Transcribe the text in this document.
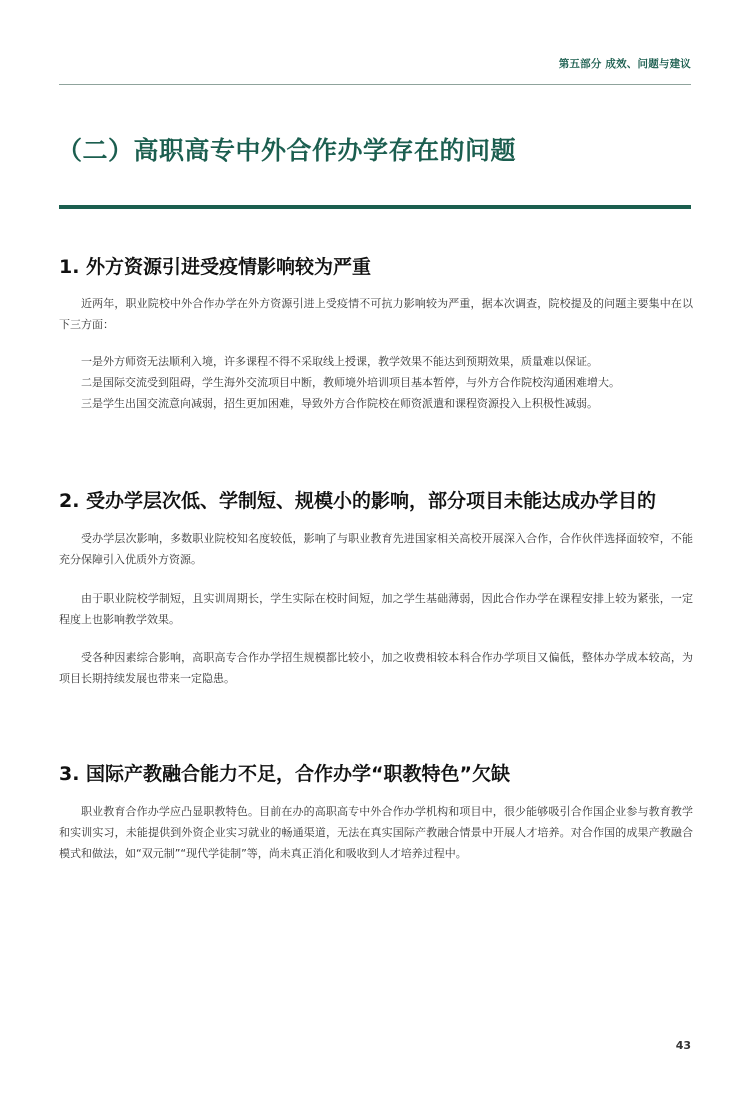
第五部分 成效、问题与建议
（二）高职高专中外合作办学存在的问题
1. 外方资源引进受疫情影响较为严重

近两年，职业院校中外合作办学在外方资源引进上受疫情不可抗力影响较为严重，据本次调查，院校提及的问题主要集中在以下三方面：

一是外方师资无法顺利入境，许多课程不得不采取线上授课，教学效果不能达到预期效果，质量难以保证。

二是国际交流受到阻碍，学生海外交流项目中断，教师境外培训项目基本暂停，与外方合作院校沟通困难增大。

三是学生出国交流意向减弱，招生更加困难，导致外方合作院校在师资派遣和课程资源投入上积极性减弱。

2. 受办学层次低、学制短、规模小的影响，部分项目未能达成办学目的

受办学层次影响，多数职业院校知名度较低，影响了与职业教育先进国家相关高校开展深入合作，合作伙伴选择面较窄，不能充分保障引入优质外方资源。

由于职业院校学制短，且实训周期长，学生实际在校时间短，加之学生基础薄弱，因此合作办学在课程安排上较为紧张，一定程度上也影响教学效果。

受各种因素综合影响，高职高专合作办学招生规模都比较小，加之收费相较本科合作办学项目又偏低，整体办学成本较高，为项目长期持续发展也带来一定隐患。

3. 国际产教融合能力不足，合作办学“职教特色”欠缺

职业教育合作办学应凸显职教特色。目前在办的高职高专中外合作办学机构和项目中，很少能够吸引合作国企业参与教育教学和实训实习，未能提供到外资企业实习就业的畅通渠道，无法在真实国际产教融合情景中开展人才培养。对合作国的成果产教融合模式和做法，如“双元制”“现代学徒制”等，尚未真正消化和吸收到人才培养过程中。

43
